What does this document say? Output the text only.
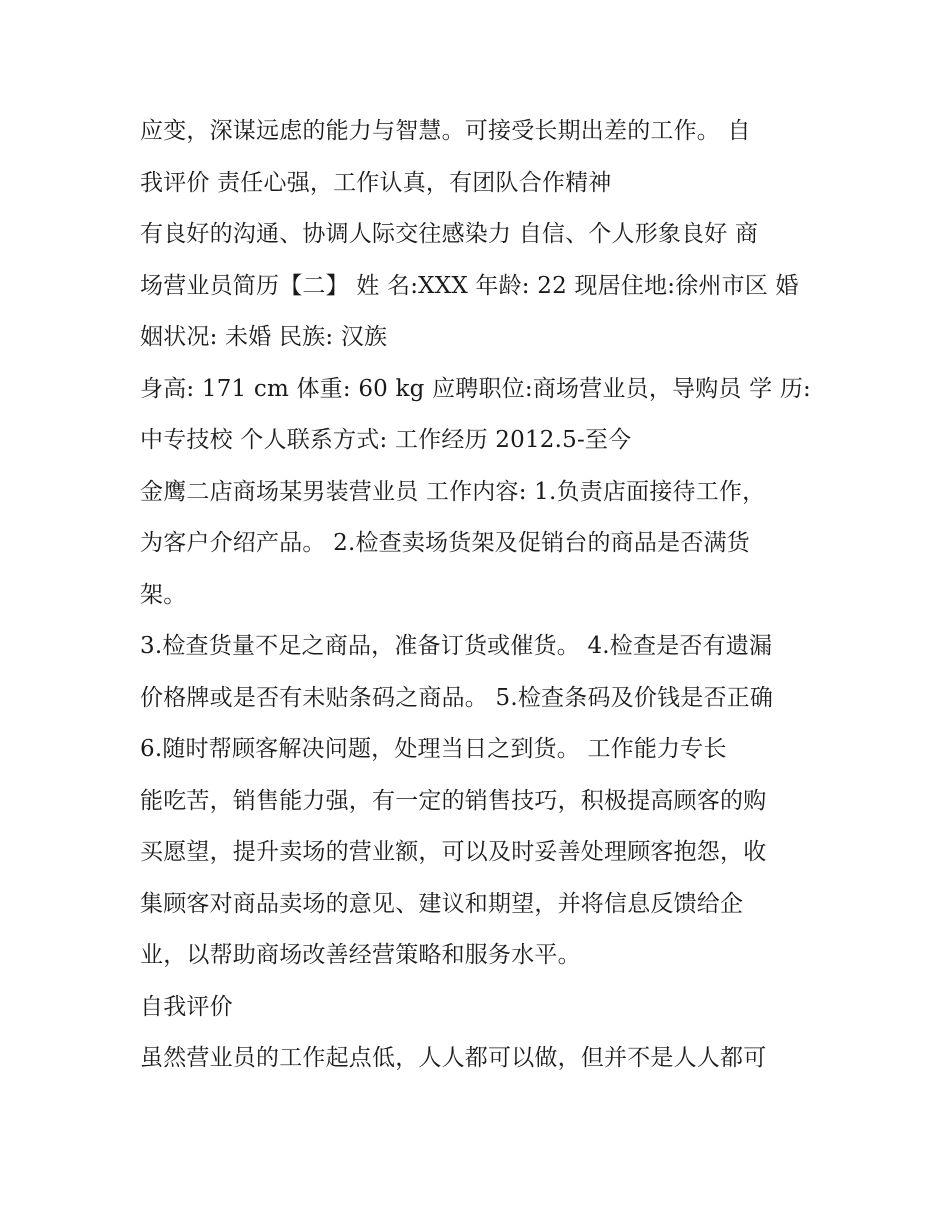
应变，深谋远虑的能力与智慧。可接受长期出差的工作。 自
我评价 责任心强，工作认真，有团队合作精神
有良好的沟通、协调人际交往感染力 自信、个人形象良好 商
场营业员简历【二】 姓 名:XXX 年龄: 22 现居住地:徐州市区 婚
姻状况: 未婚 民族: 汉族
身高: 171 cm 体重: 60 kg 应聘职位:商场营业员，导购员 学 历:
中专技校 个人联系方式: 工作经历 2012.5-至今
金鹰二店商场某男装营业员 工作内容: 1.负责店面接待工作，
为客户介绍产品。 2.检查卖场货架及促销台的商品是否满货
架。
3.检查货量不足之商品，准备订货或催货。 4.检查是否有遗漏
价格牌或是否有未贴条码之商品。 5.检查条码及价钱是否正确
6.随时帮顾客解决问题，处理当日之到货。 工作能力专长
能吃苦，销售能力强，有一定的销售技巧，积极提高顾客的购
买愿望，提升卖场的营业额，可以及时妥善处理顾客抱怨，收
集顾客对商品卖场的意见、建议和期望，并将信息反馈给企
业，以帮助商场改善经营策略和服务水平。
自我评价
虽然营业员的工作起点低，人人都可以做，但并不是人人都可
